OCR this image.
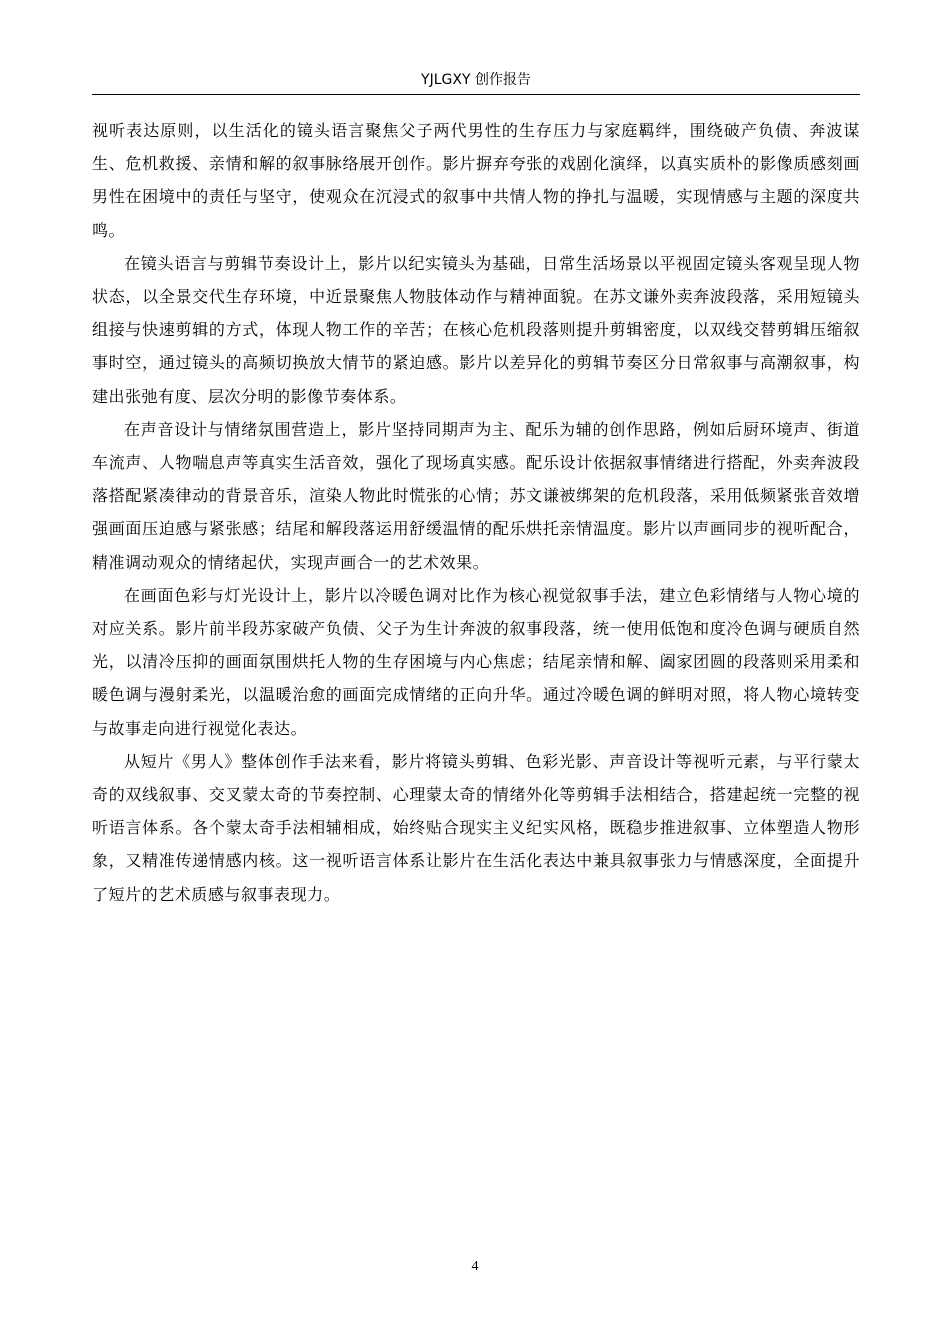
YJLGXY 创作报告

视听表达原则，以生活化的镜头语言聚焦父子两代男性的生存压力与家庭羁绊，围绕破产负债、奔波谋生、危机救援、亲情和解的叙事脉络展开创作。影片摒弃夸张的戏剧化演绎，以真实质朴的影像质感刻画男性在困境中的责任与坚守，使观众在沉浸式的叙事中共情人物的挣扎与温暖，实现情感与主题的深度共鸣。

在镜头语言与剪辑节奏设计上，影片以纪实镜头为基础，日常生活场景以平视固定镜头客观呈现人物状态，以全景交代生存环境，中近景聚焦人物肢体动作与精神面貌。在苏文谦外卖奔波段落，采用短镜头组接与快速剪辑的方式，体现人物工作的辛苦；在核心危机段落则提升剪辑密度，以双线交替剪辑压缩叙事时空，通过镜头的高频切换放大情节的紧迫感。影片以差异化的剪辑节奏区分日常叙事与高潮叙事，构建出张弛有度、层次分明的影像节奏体系。

在声音设计与情绪氛围营造上，影片坚持同期声为主、配乐为辅的创作思路，例如后厨环境声、街道车流声、人物喘息声等真实生活音效，强化了现场真实感。配乐设计依据叙事情绪进行搭配，外卖奔波段落搭配紧凑律动的背景音乐，渲染人物此时慌张的心情；苏文谦被绑架的危机段落，采用低频紧张音效增强画面压迫感与紧张感；结尾和解段落运用舒缓温情的配乐烘托亲情温度。影片以声画同步的视听配合，精准调动观众的情绪起伏，实现声画合一的艺术效果。

在画面色彩与灯光设计上，影片以冷暖色调对比作为核心视觉叙事手法，建立色彩情绪与人物心境的对应关系。影片前半段苏家破产负债、父子为生计奔波的叙事段落，统一使用低饱和度冷色调与硬质自然光，以清冷压抑的画面氛围烘托人物的生存困境与内心焦虑；结尾亲情和解、阖家团圆的段落则采用柔和暖色调与漫射柔光，以温暖治愈的画面完成情绪的正向升华。通过冷暖色调的鲜明对照，将人物心境转变与故事走向进行视觉化表达。

从短片《男人》整体创作手法来看，影片将镜头剪辑、色彩光影、声音设计等视听元素，与平行蒙太奇的双线叙事、交叉蒙太奇的节奏控制、心理蒙太奇的情绪外化等剪辑手法相结合，搭建起统一完整的视听语言体系。各个蒙太奇手法相辅相成，始终贴合现实主义纪实风格，既稳步推进叙事、立体塑造人物形象，又精准传递情感内核。这一视听语言体系让影片在生活化表达中兼具叙事张力与情感深度，全面提升了短片的艺术质感与叙事表现力。

4
